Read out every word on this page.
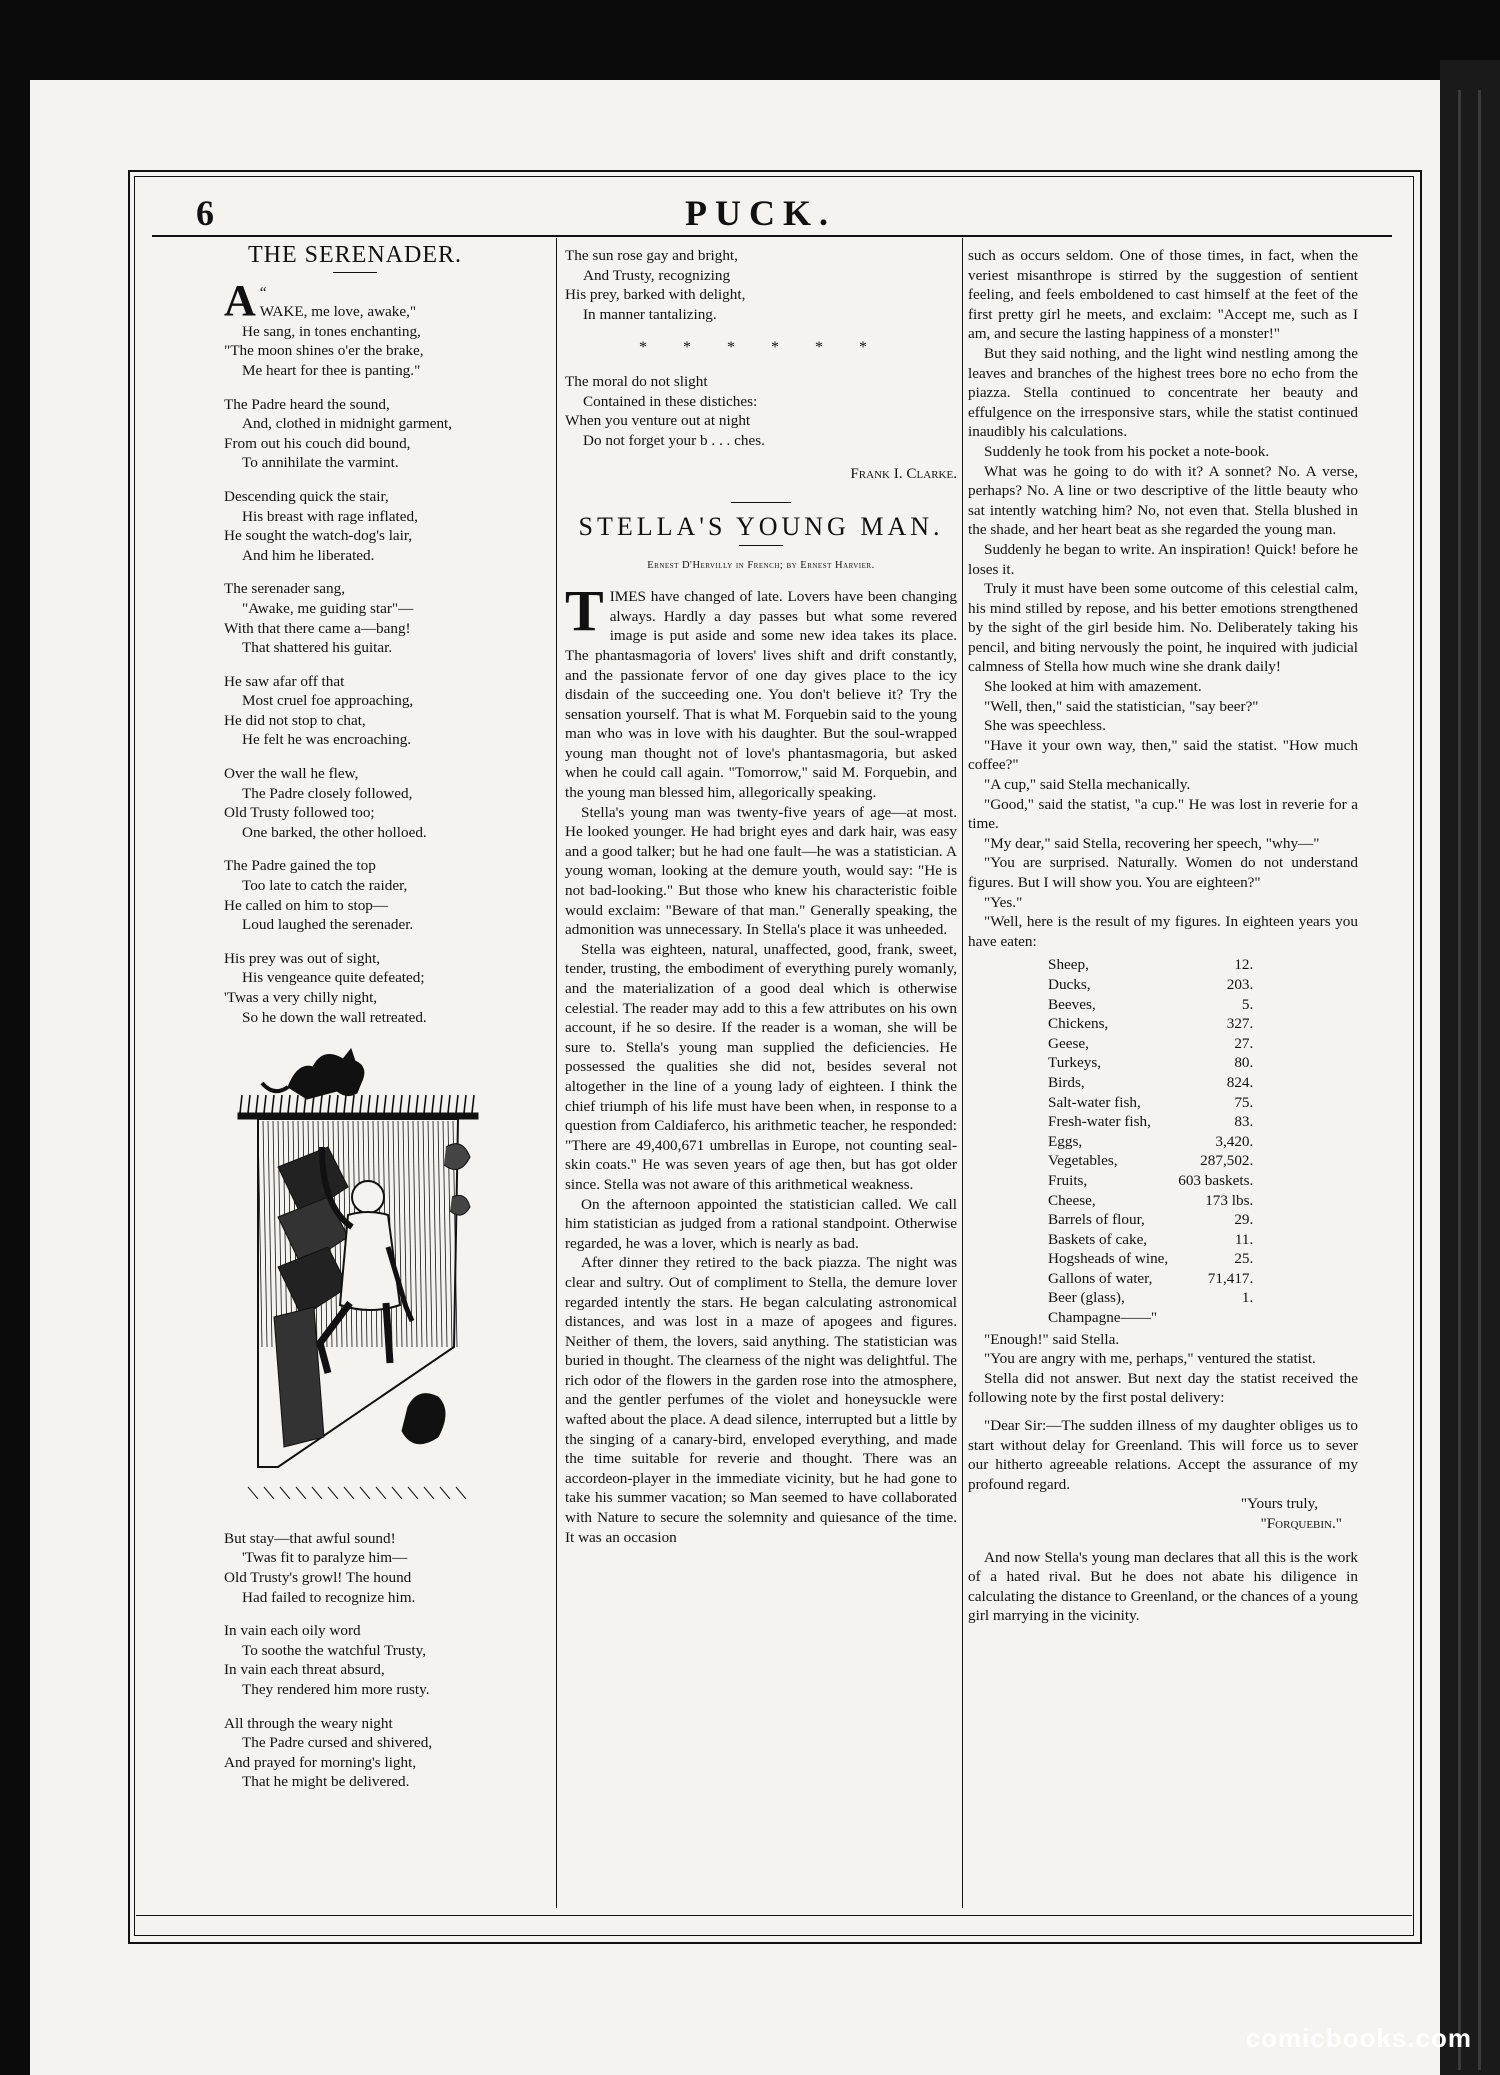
6	PUCK.
THE SERENADER.
“
A WAKE, me love, awake,"
He sang, in tones enchanting,
"The moon shines o'er the brake,
Me heart for thee is panting."
The Padre heard the sound,
And, clothed in midnight garment,
From out his couch did bound,
To annihilate the varmint.
Descending quick the stair,
His breast with rage inflated,
He sought the watch-dog's lair,
And him he liberated.
The serenader sang,
"Awake, me guiding star"—
With that there came a—bang!
That shattered his guitar.
He saw afar off that
Most cruel foe approaching,
He did not stop to chat,
He felt he was encroaching.
Over the wall he flew,
The Padre closely followed,
Old Trusty followed too;
One barked, the other holloed.
The Padre gained the top
Too late to catch the raider,
He called on him to stop—
Loud laughed the serenader.
His prey was out of sight,
His vengeance quite defeated;
'Twas a very chilly night,
So he down the wall retreated.
But stay—that awful sound!
'Twas fit to paralyze him—
Old Trusty's growl! The hound
Had failed to recognize him.
In vain each oily word
To soothe the watchful Trusty,
In vain each threat absurd,
They rendered him more rusty.
All through the weary night
The Padre cursed and shivered,
And prayed for morning's light,
That he might be delivered.
The sun rose gay and bright,
And Trusty, recognizing
His prey, barked with delight,
In manner tantalizing.
* * * * * *
The moral do not slight
Contained in these distiches:
When you venture out at night
Do not forget your b . . . ches.
Frank I. Clarke.
STELLA'S YOUNG MAN.
Ernest D'Hervilly in French; by Ernest Harvier.

TIMES have changed of late. Lovers have been changing always. Hardly a day passes but what some revered image is put aside and some new idea takes its place. The phantasmagoria of lovers' lives shift and drift constantly, and the passionate fervor of one day gives place to the icy disdain of the succeeding one. You don't believe it? Try the sensation yourself. That is what M. Forquebin said to the young man who was in love with his daughter. But the soul-wrapped young man thought not of love's phantasmagoria, but asked when he could call again. "Tomorrow," said M. Forquebin, and the young man blessed him, allegorically speaking.

Stella's young man was twenty-five years of age—at most. He looked younger. He had bright eyes and dark hair, was easy and a good talker; but he had one fault—he was a statistician. A young woman, looking at the demure youth, would say: "He is not bad-looking." But those who knew his characteristic foible would exclaim: "Beware of that man." Generally speaking, the admonition was unnecessary. In Stella's place it was unheeded.

Stella was eighteen, natural, unaffected, good, frank, sweet, tender, trusting, the embodiment of everything purely womanly, and the materialization of a good deal which is otherwise celestial. The reader may add to this a few attributes on his own account, if he so desire. If the reader is a woman, she will be sure to. Stella's young man supplied the deficiencies. He possessed the qualities she did not, besides several not altogether in the line of a young lady of eighteen. I think the chief triumph of his life must have been when, in response to a question from Caldiaferco, his arithmetic teacher, he responded: "There are 49,400,671 umbrellas in Europe, not counting seal-skin coats." He was seven years of age then, but has got older since. Stella was not aware of this arithmetical weakness.

On the afternoon appointed the statistician called. We call him statistician as judged from a rational standpoint. Otherwise regarded, he was a lover, which is nearly as bad.

After dinner they retired to the back piazza. The night was clear and sultry. Out of compliment to Stella, the demure lover regarded intently the stars. He began calculating astronomical distances, and was lost in a maze of apogees and figures. Neither of them, the lovers, said anything. The statistician was buried in thought. The clearness of the night was delightful. The rich odor of the flowers in the garden rose into the atmosphere, and the gentler perfumes of the violet and honeysuckle were wafted about the place. A dead silence, interrupted but a little by the singing of a canary-bird, enveloped everything, and made the time suitable for reverie and thought. There was an accordeon-player in the immediate vicinity, but he had gone to take his summer vacation; so Man seemed to have collaborated with Nature to secure the solemnity and quiesance of the time. It was an occasion

such as occurs seldom. One of those times, in fact, when the veriest misanthrope is stirred by the suggestion of sentient feeling, and feels emboldened to cast himself at the feet of the first pretty girl he meets, and exclaim: "Accept me, such as I am, and secure the lasting happiness of a monster!"

But they said nothing, and the light wind nestling among the leaves and branches of the highest trees bore no echo from the piazza. Stella continued to concentrate her beauty and effulgence on the irresponsive stars, while the statist continued inaudibly his calculations.

Suddenly he took from his pocket a note-book.

What was he going to do with it? A sonnet? No. A verse, perhaps? No. A line or two descriptive of the little beauty who sat intently watching him? No, not even that. Stella blushed in the shade, and her heart beat as she regarded the young man.

Suddenly he began to write. An inspiration! Quick! before he loses it.

Truly it must have been some outcome of this celestial calm, his mind stilled by repose, and his better emotions strengthened by the sight of the girl beside him. No. Deliberately taking his pencil, and biting nervously the point, he inquired with judicial calmness of Stella how much wine she drank daily!

She looked at him with amazement.

"Well, then," said the statistician, "say beer?"

She was speechless.

"Have it your own way, then," said the statist. "How much coffee?"

"A cup," said Stella mechanically.

"Good," said the statist, "a cup." He was lost in reverie for a time.

"My dear," said Stella, recovering her speech, "why—"

"You are surprised. Naturally. Women do not understand figures. But I will show you. You are eighteen?"

"Yes."

"Well, here is the result of my figures. In eighteen years you have eaten:

Sheep,	12.
Ducks,	203.
Beeves,	5.
Chickens,	327.
Geese,	27.
Turkeys,	80.
Birds,	824.
Salt-water fish,	75.
Fresh-water fish,	83.
Eggs,	3,420.
Vegetables,	287,502.
Fruits,	603 baskets.
Cheese,	173 lbs.
Barrels of flour,	29.
Baskets of cake,	11.
Hogsheads of wine,	25.
Gallons of water,	71,417.
Beer (glass),	1.
Champagne——"	

"Enough!" said Stella.

"You are angry with me, perhaps," ventured the statist.

Stella did not answer. But next day the statist received the following note by the first postal delivery:

"Dear Sir:—The sudden illness of my daughter obliges us to start without delay for Greenland. This will force us to sever our hitherto agreeable relations. Accept the assurance of my profound regard.

"Yours truly,
"Forquebin."

And now Stella's young man declares that all this is the work of a hated rival. But he does not abate his diligence in calculating the distance to Greenland, or the chances of a young girl marrying in the vicinity.

comicbooks.com
